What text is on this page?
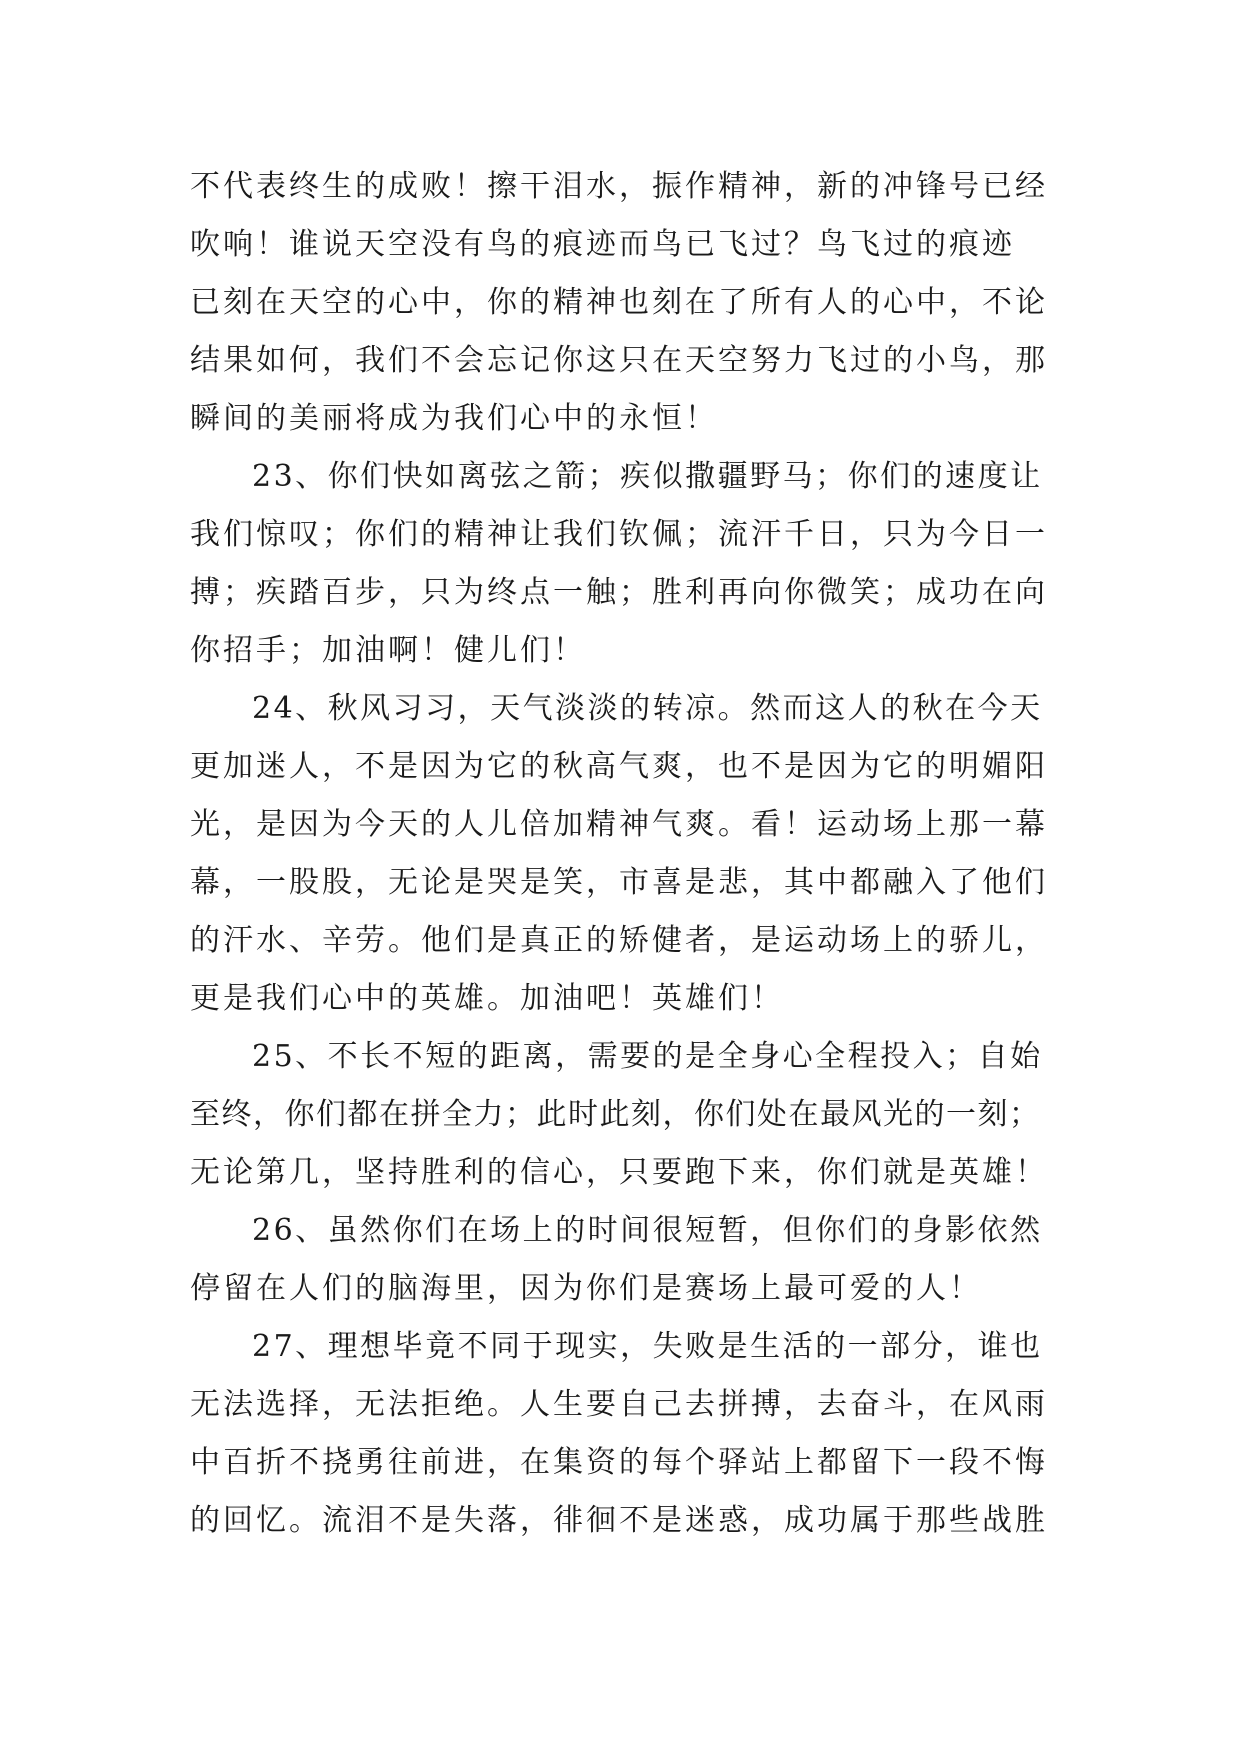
不代表终生的成败！擦干泪水，振作精神，新的冲锋号已经
吹响！谁说天空没有鸟的痕迹而鸟已飞过？鸟飞过的痕迹
已刻在天空的心中，你的精神也刻在了所有人的心中，不论
结果如何，我们不会忘记你这只在天空努力飞过的小鸟，那
瞬间的美丽将成为我们心中的永恒！
23、你们快如离弦之箭；疾似撒疆野马；你们的速度让
我们惊叹；你们的精神让我们钦佩；流汗千日，只为今日一
搏；疾踏百步，只为终点一触；胜利再向你微笑；成功在向
你招手；加油啊！健儿们！
24、秋风习习，天气淡淡的转凉。然而这人的秋在今天
更加迷人，不是因为它的秋高气爽，也不是因为它的明媚阳
光，是因为今天的人儿倍加精神气爽。看！运动场上那一幕
幕，一股股，无论是哭是笑，市喜是悲，其中都融入了他们
的汗水、辛劳。他们是真正的矫健者，是运动场上的骄儿，
更是我们心中的英雄。加油吧！英雄们！
25、不长不短的距离，需要的是全身心全程投入；自始
至终，你们都在拼全力；此时此刻，你们处在最风光的一刻；
无论第几，坚持胜利的信心，只要跑下来，你们就是英雄！
26、虽然你们在场上的时间很短暂，但你们的身影依然
停留在人们的脑海里，因为你们是赛场上最可爱的人！
27、理想毕竟不同于现实，失败是生活的一部分，谁也
无法选择，无法拒绝。人生要自己去拼搏，去奋斗，在风雨
中百折不挠勇往前进，在集资的每个驿站上都留下一段不悔
的回忆。流泪不是失落，徘徊不是迷惑，成功属于那些战胜
